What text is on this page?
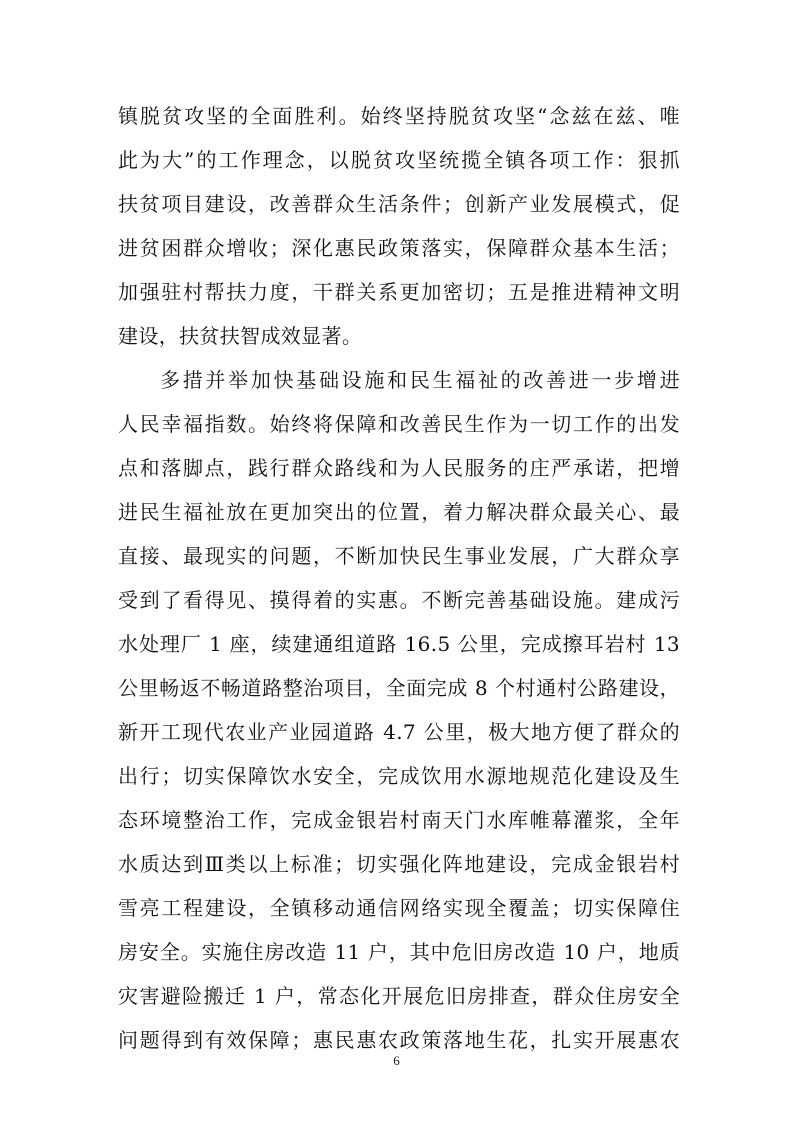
镇脱贫攻坚的全面胜利。始终坚持脱贫攻坚“念兹在兹、唯
此为大”的工作理念，以脱贫攻坚统揽全镇各项工作：狠抓
扶贫项目建设，改善群众生活条件；创新产业发展模式，促
进贫困群众增收；深化惠民政策落实，保障群众基本生活；
加强驻村帮扶力度，干群关系更加密切；五是推进精神文明
建设，扶贫扶智成效显著。
多措并举加快基础设施和民生福祉的改善进一步增进
人民幸福指数。始终将保障和改善民生作为一切工作的出发
点和落脚点，践行群众路线和为人民服务的庄严承诺，把增
进民生福祉放在更加突出的位置，着力解决群众最关心、最
直接、最现实的问题，不断加快民生事业发展，广大群众享
受到了看得见、摸得着的实惠。不断完善基础设施。建成污
水处理厂 1 座，续建通组道路 16.5 公里，完成擦耳岩村 13
公里畅返不畅道路整治项目，全面完成 8 个村通村公路建设，
新开工现代农业产业园道路 4.7 公里，极大地方便了群众的
出行；切实保障饮水安全，完成饮用水源地规范化建设及生
态环境整治工作，完成金银岩村南天门水库帷幕灌浆，全年
水质达到Ⅲ类以上标准；切实强化阵地建设，完成金银岩村
雪亮工程建设，全镇移动通信网络实现全覆盖；切实保障住
房安全。实施住房改造 11 户，其中危旧房改造 10 户，地质
灾害避险搬迁 1 户，常态化开展危旧房排查，群众住房安全
问题得到有效保障；惠民惠农政策落地生花，扎实开展惠农
6
